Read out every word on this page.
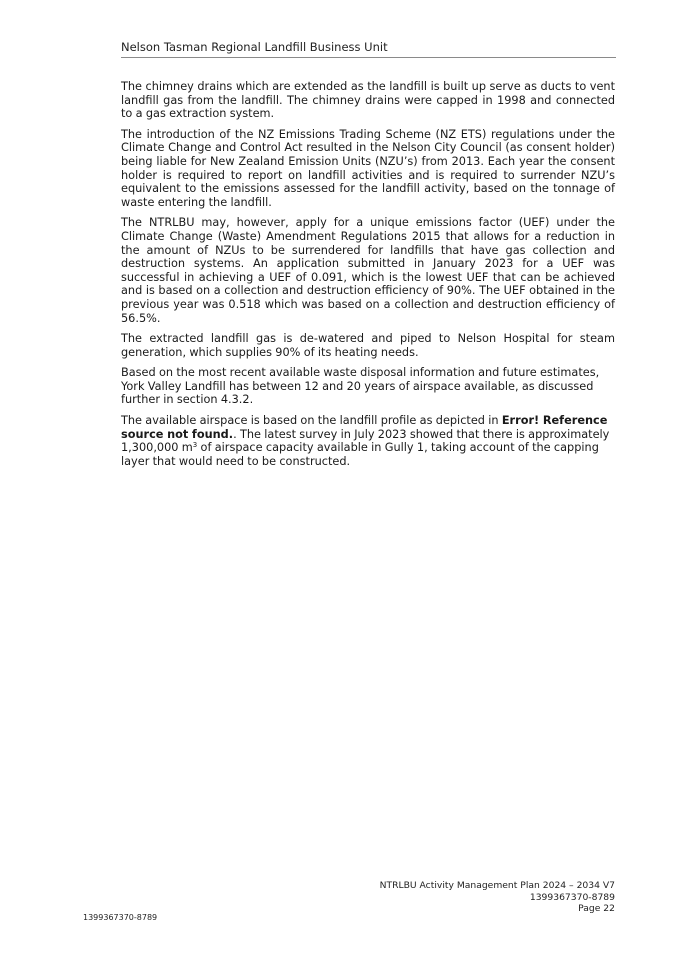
Nelson Tasman Regional Landfill Business Unit

The chimney drains which are extended as the landfill is built up serve as ducts to vent landfill gas from the landfill. The chimney drains were capped in 1998 and connected to a gas extraction system.

The introduction of the NZ Emissions Trading Scheme (NZ ETS) regulations under the Climate Change and Control Act resulted in the Nelson City Council (as consent holder) being liable for New Zealand Emission Units (NZU’s) from 2013. Each year the consent holder is required to report on landfill activities and is required to surrender NZU’s equivalent to the emissions assessed for the landfill activity, based on the tonnage of waste entering the landfill.

The NTRLBU may, however, apply for a unique emissions factor (UEF) under the Climate Change (Waste) Amendment Regulations 2015 that allows for a reduction in the amount of NZUs to be surrendered for landfills that have gas collection and destruction systems. An application submitted in January 2023 for a UEF was successful in achieving a UEF of 0.091, which is the lowest UEF that can be achieved and is based on a collection and destruction efficiency of 90%. The UEF obtained in the previous year was 0.518 which was based on a collection and destruction efficiency of 56.5%.

The extracted landfill gas is de-watered and piped to Nelson Hospital for steam generation, which supplies 90% of its heating needs.

Based on the most recent available waste disposal information and future estimates, York Valley Landfill has between 12 and 20 years of airspace available, as discussed further in section 4.3.2.

The available airspace is based on the landfill profile as depicted in Error! Reference source not found.. The latest survey in July 2023 showed that there is approximately 1,300,000 $m^3$ of airspace capacity available in Gully 1, taking account of the capping layer that would need to be constructed.

NTRLBU Activity Management Plan 2024 – 2034 V7
1399367370-8789
Page 22
1399367370-8789
